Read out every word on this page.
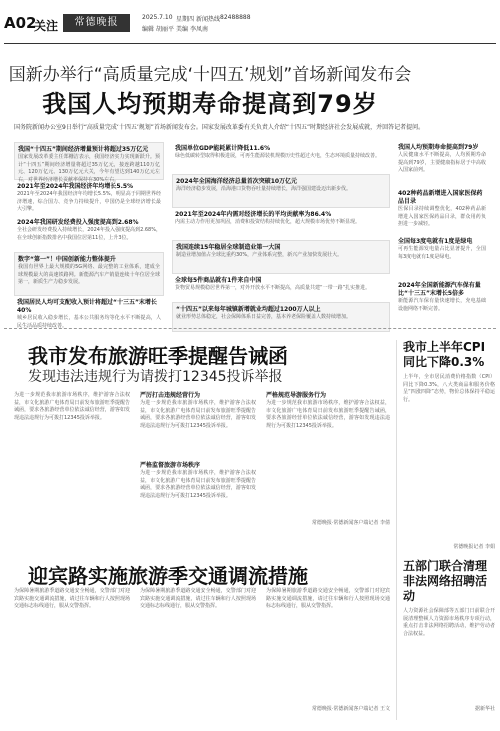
A02
关注	常德晚报	2025.7.10 星期四 新闻热线 82488888
编辑 胡丽平 美编 李凤南
国新办举行“高质量完成‘十四五’规划”首场新闻发布会
我国人均预期寿命提高到79岁
国务院新闻办公室9日举行“高质量完成‘十四五’规划”首场新闻发布会。国家发展改革委有关负责人介绍“十四五”时期经济社会发展成就，并回答记者提问。
我国“十四五”期间经济增量预计将超过35万亿元
国家发展改革委主任郑栅洁表示，我国经济实力实现新跃升。预计“十四五”期间经济增量将超过35万亿元，接连跨越110万亿元、120万亿元、130万亿元大关，今年有望达到140万亿元左右，对世界经济增长贡献率保持在30%左右。
2021年至2024年我国经济年均增长5.5%
2021年至2024年我国经济年均增长5.5%，明显高于同期世界经济增速，综合国力、竞争力持续提升，中国仍是全球经济增长最大引擎。
2024年我国研发经费投入强度提高到2.68%
全社会研发经费投入持续增长，2024年投入强度提高到2.68%，在全球创新指数排名中我国位居第11位，上升3位。
数字“第一”！中国创新能力整体提升
我国有世界上最大规模的5G网络、最完整的工业体系，建成全球规模最大的高速铁路网。新能源汽车产销量连续十年位居全球第一，新质生产力稳步发展。
我国居民人均可支配收入预计将超过“十三五”末增长40%
城乡居民收入稳步增长，基本公共服务均等化水平不断提高，人民生活品质持续改善。
我国单位GDP能耗累计降低11.6%
绿色低碳转型取得积极进展，可再生能源装机规模历史性超过火电，生态环境质量持续改善。
2024年全国海洋经济总量首次突破10万亿元
海洋经济稳步发展，沿海港口货物吞吐量持续增长，海洋强国建设迈出新步伐。
2021年至2024年内需对经济增长的平均贡献率为86.4%
内需主动力作用更加巩固，消费和投资结构持续优化，超大规模市场优势不断显现。
我国连续15年稳居全球制造业第一大国
制造业增加值占全球比重约30%，产业体系完整，新兴产业加快发展壮大。
全球每5件商品就有1件来自中国
货物贸易规模稳居世界第一，对外开放水平不断提高，高质量共建“一带一路”扎实推进。
“十四五”以来每年城镇新增就业均超过1200万人以上
就业形势总体稳定，社会保障体系日益完善，基本养老保险覆盖人数持续增加。
我国人均预期寿命提高到79岁
人民健康水平不断提高，人均预期寿命提高到79岁，主要健康指标居于中高收入国家前列。
402种药品新增进入国家医保药品目录
医保目录持续调整优化，402种药品新增进入国家医保药品目录，群众用药负担进一步减轻。
全国每3度电就有1度是绿电
可再生能源发电量占比显著提升，全国每3度电就有1度是绿电。
2024年全国新能源汽车保有量比“十三五”末增长5倍多
新能源汽车保有量快速增长，充电基础设施网络不断完善。
我市发布旅游旺季提醒告诫函
发现违法违规行为请拨打12345投诉举报
为进一步规范我市旅游市场秩序，维护游客合法权益，市文化旅游广电体育局日前发布旅游旺季提醒告诫函，要求各旅游经营单位依法诚信经营，游客如发现违法违规行为可拨打12345投诉举报。
严厉打击违规经营行为
为进一步规范我市旅游市场秩序，维护游客合法权益，市文化旅游广电体育局日前发布旅游旺季提醒告诫函，要求各旅游经营单位依法诚信经营，游客如发现违法违规行为可拨打12345投诉举报。
严格监督旅游市场秩序
为进一步规范我市旅游市场秩序，维护游客合法权益，市文化旅游广电体育局日前发布旅游旺季提醒告诫函，要求各旅游经营单位依法诚信经营，游客如发现违法违规行为可拨打12345投诉举报。
严格规范导游服务行为
为进一步规范我市旅游市场秩序，维护游客合法权益，市文化旅游广电体育局日前发布旅游旺季提醒告诫函，要求各旅游经营单位依法诚信经营，游客如发现违法违规行为可拨打12345投诉举报。
常德晚报·常德新闻客户端记者 李倩
迎宾路实施旅游季交通调流措施
为保障暑期旅游季道路交通安全畅通，交警部门对迎宾路实施交通调流措施，请过往车辆和行人按照现场交通标志标线通行，服从交警指挥。
为保障暑期旅游季道路交通安全畅通，交警部门对迎宾路实施交通调流措施，请过往车辆和行人按照现场交通标志标线通行，服从交警指挥。
为保障暑期旅游季道路交通安全畅通，交警部门对迎宾路实施交通调流措施，请过往车辆和行人按照现场交通标志标线通行，服从交警指挥。
常德晚报·常德新闻客户端记者 王文
我市上半年CPI同比下降0.3%
上半年，全市居民消费价格指数（CPI）同比下降0.3%，八大类商品和服务价格呈“四涨四降”态势，物价总体保持平稳运行。
常德晚报记者 李娟
五部门联合清理非法网络招聘活动
人力资源社会保障部等五部门日前联合开展清理整顿人力资源市场秩序专项行动，重点打击非法网络招聘活动，维护劳动者合法权益。
据新华社
